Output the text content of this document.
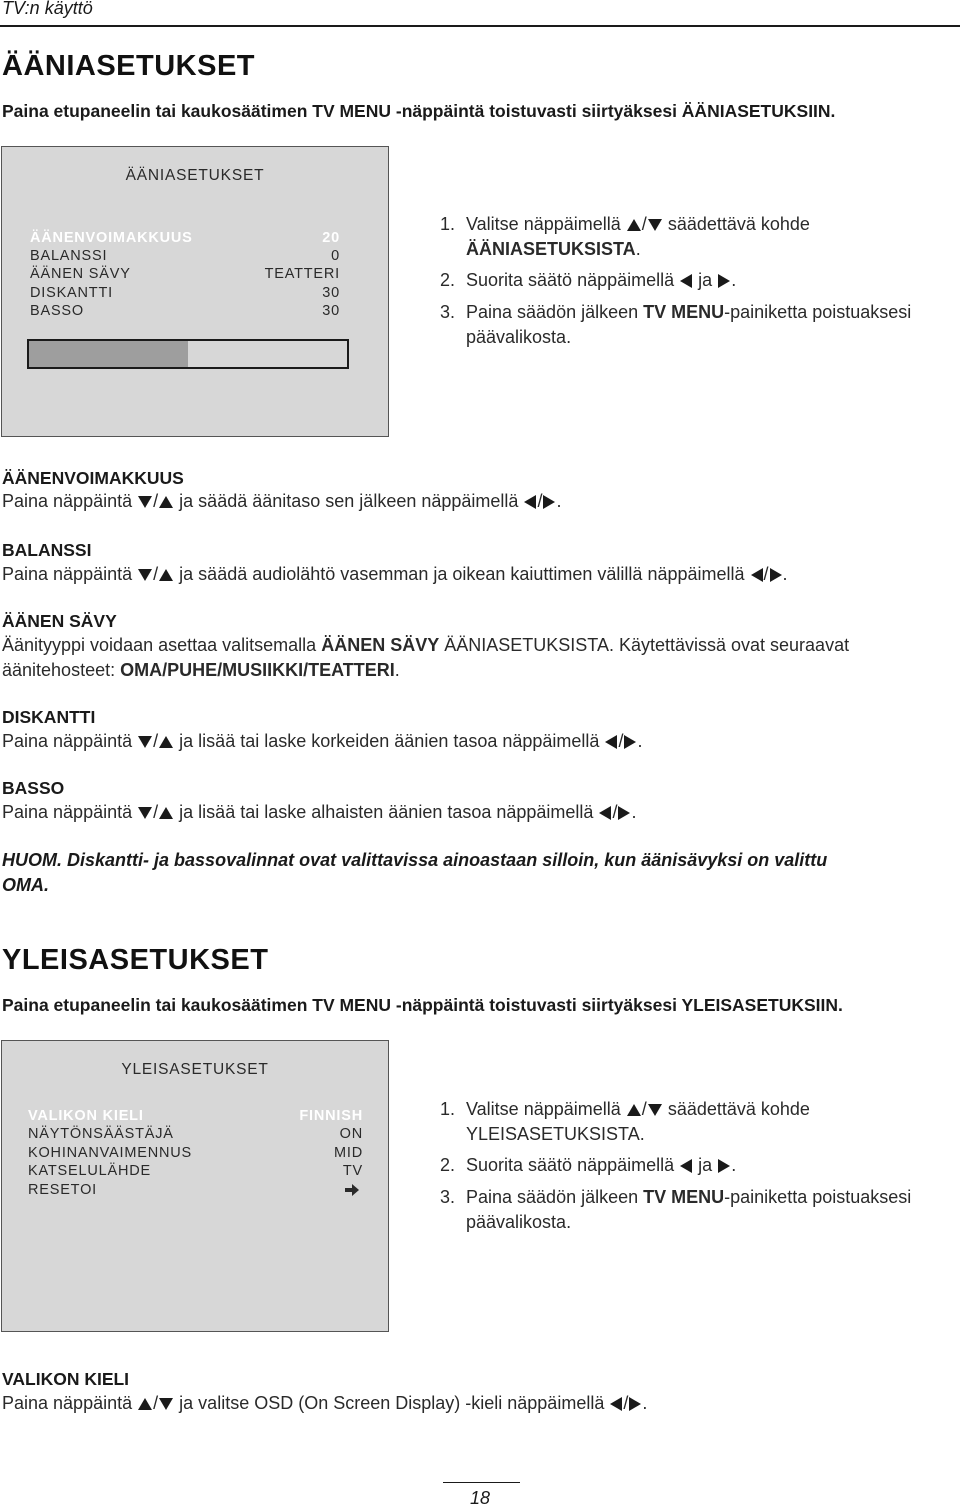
TV:n käyttö
ÄÄNIASETUKSET
Paina etupaneelin tai kaukosäätimen TV MENU -näppäintä toistuvasti siirtyäksesi ÄÄNIASETUKSIIN.
ÄÄNIASETUKSET
ÄÄNENVOIMAKKUUS	20
BALANSSI	0
ÄÄNEN SÄVY	TEATTERI
DISKANTTI	30
BASSO	30
1. Valitse näppäimellä / säädettävä kohde
ÄÄNIASETUKSISTA.
2. Suorita säätö näppäimellä ja .
3. Paina säädön jälkeen TV MENU-painiketta poistuaksesi
päävalikosta.
ÄÄNENVOIMAKKUUS
Paina näppäintä / ja säädä äänitaso sen jälkeen näppäimellä / .
BALANSSI
Paina näppäintä / ja säädä audiolähtö vasemman ja oikean kaiuttimen välillä näppäimellä / .
ÄÄNEN SÄVY
Äänityyppi voidaan asettaa valitsemalla ÄÄNEN SÄVY ÄÄNIASETUKSISTA. Käytettävissä ovat seuraavat
äänitehosteet: OMA/PUHE/MUSIIKKI/TEATTERI.
DISKANTTI
Paina näppäintä / ja lisää tai laske korkeiden äänien tasoa näppäimellä / .
BASSO
Paina näppäintä / ja lisää tai laske alhaisten äänien tasoa näppäimellä / .
HUOM. Diskantti- ja bassovalinnat ovat valittavissa ainoastaan silloin, kun äänisävyksi on valittu
OMA.
YLEISASETUKSET
Paina etupaneelin tai kaukosäätimen TV MENU -näppäintä toistuvasti siirtyäksesi YLEISASETUKSIIN.
YLEISASETUKSET
VALIKON KIELI	FINNISH
NÄYTÖNSÄÄSTÄJÄ	ON
KOHINANVAIMENNUS	MID
KATSELULÄHDE	TV
RESETOI
1. Valitse näppäimellä / säädettävä kohde
YLEISASETUKSISTA.
2. Suorita säätö näppäimellä ja .
3. Paina säädön jälkeen TV MENU-painiketta poistuaksesi
päävalikosta.
VALIKON KIELI
Paina näppäintä / ja valitse OSD (On Screen Display) -kieli näppäimellä / .
18
